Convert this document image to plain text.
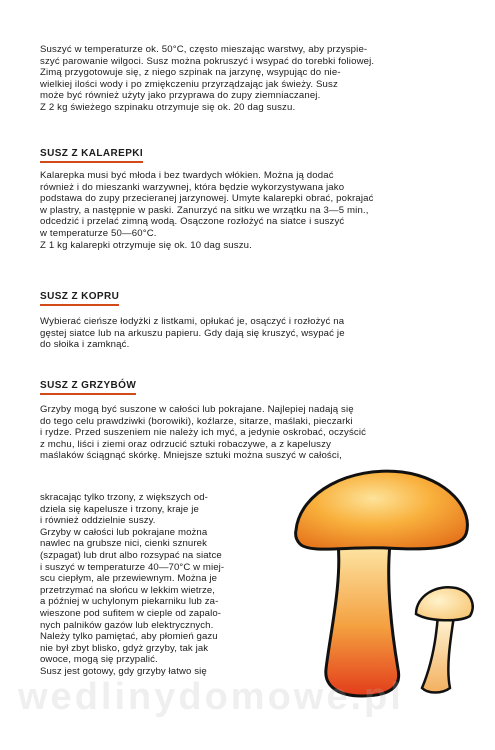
Suszyć w temperaturze ok. 50°C, często mieszając warstwy, aby przyspie-
szyć parowanie wilgoci. Susz można pokruszyć i wsypać do torebki foliowej.
Zimą przygotowuje się, z niego szpinak na jarzynę, wsypując do nie-
wielkiej ilości wody i po zmiękczeniu przyrządzając jak świeży. Susz
może być również użyty jako przyprawa do zupy ziemniaczanej.
Z 2 kg świeżego szpinaku otrzymuje się ok. 20 dag suszu.
SUSZ Z KALAREPKI
Kalarepka musi być młoda i bez twardych włókien. Można ją dodać
również i do mieszanki warzywnej, która będzie wykorzystywana jako
podstawa do zupy przecieranej jarzynowej. Umyte kalarepki obrać, pokrajać
w plastry, a następnie w paski. Zanurzyć na sitku we wrzątku na 3—5 min.,
odcedzić i przelać zimną wodą. Osączone rozłożyć na siatce i suszyć
w temperaturze 50—60°C.
Z 1 kg kalarepki otrzymuje się ok. 10 dag suszu.
SUSZ Z KOPRU
Wybierać cieńsze łodyżki z listkami, opłukać je, osączyć i rozłożyć na
gęstej siatce lub na arkuszu papieru. Gdy dają się kruszyć, wsypać je
do słoika i zamknąć.
SUSZ Z GRZYBÓW
Grzyby mogą być suszone w całości lub pokrajane. Najlepiej nadają się
do tego celu prawdziwki (borowiki), koźlarze, sitarze, maślaki, pieczarki
i rydze. Przed suszeniem nie należy ich myć, a jedynie oskrobać, oczyścić
z mchu, liści i ziemi oraz odrzucić sztuki robaczywe, a z kapeluszy
maślaków ściągnąć skórkę. Mniejsze sztuki można suszyć w całości,
skracając tylko trzony, z większych od-
dziela się kapelusze i trzony, kraje je
i również oddzielnie suszy.
Grzyby w całości lub pokrajane można
nawlec na grubsze nici, cienki sznurek
(szpagat) lub drut albo rozsypać na siatce
i suszyć w temperaturze 40—70°C w miej-
scu ciepłym, ale przewiewnym. Można je
przetrzymać na słońcu w lekkim wietrze,
a później w uchylonym piekarniku lub za-
wieszone pod sufitem w cieple od zapalo-
nych palników gazów lub elektrycznych.
Należy tylko pamiętać, aby płomień gazu
nie był zbyt blisko, gdyż grzyby, tak jak
owoce, mogą się przypalić.
Susz jest gotowy, gdy grzyby łatwo się
wedlinydomowe.pl
